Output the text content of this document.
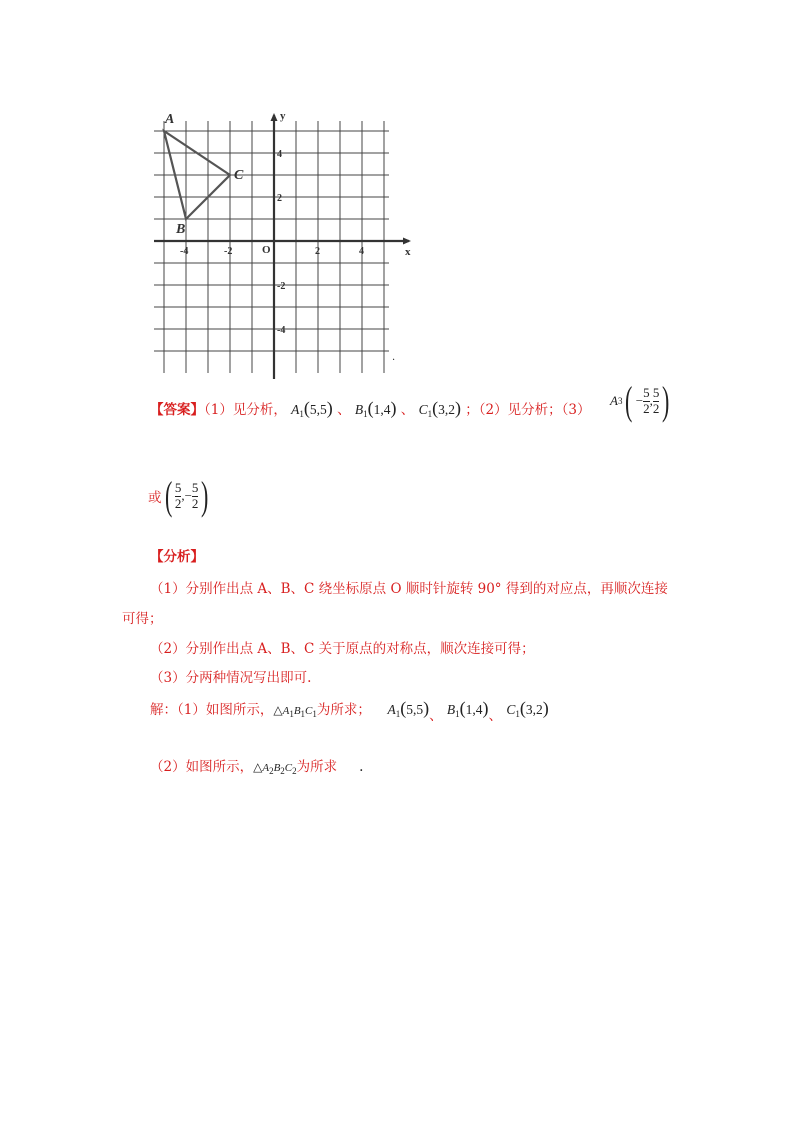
x
y
O
-4	-2	2	4
4
2
-2
-4
A
B
C
.
【答案】（1）见分析， $A_1(5,5)$ 、 $B_1(1,4)$ 、 $C_1(3,2)$ ；（2）见分析；（3）
A 3 ( − $\frac{5}{2}$ , $\frac{5}{2}$ )
或 ( $\frac{5}{2}$ , − $\frac{5}{2}$ )
【分析】
（1）分别作出点 A、B、C 绕坐标原点 O 顺时针旋转 90° 得到的对应点，再顺次连接
可得；
（2）分别作出点 A、B、C 关于原点的对称点，顺次连接可得；
（3）分两种情况写出即可.
解：（1）如图所示，$\triangle A_1B_1C_1$为所求； $A_1(5,5)$、 $B_1(1,4)$、 $C_1(3,2)$
（2）如图所示，$\triangle A_2B_2C_2$为所求 .
